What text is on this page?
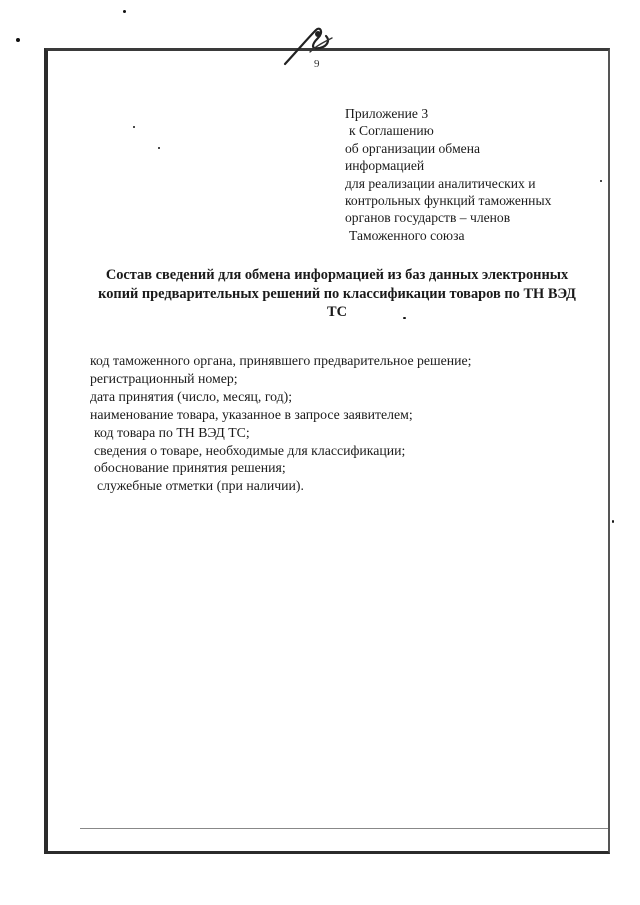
9
Приложение 3
к Соглашению
об организации обмена
информацией
для реализации аналитических и
контрольных функций таможенных
органов государств – членов
Таможенного союза
Состав сведений для обмена информацией из баз данных электронных
копий предварительных решений по классификации товаров по ТН ВЭД
ТС
код таможенного органа, принявшего предварительное решение;
регистрационный номер;
дата принятия (число, месяц, год);
наименование товара, указанное в запросе заявителем;
код товара по ТН ВЭД ТС;
сведения о товаре, необходимые для классификации;
обоснование принятия решения;
служебные отметки (при наличии).
